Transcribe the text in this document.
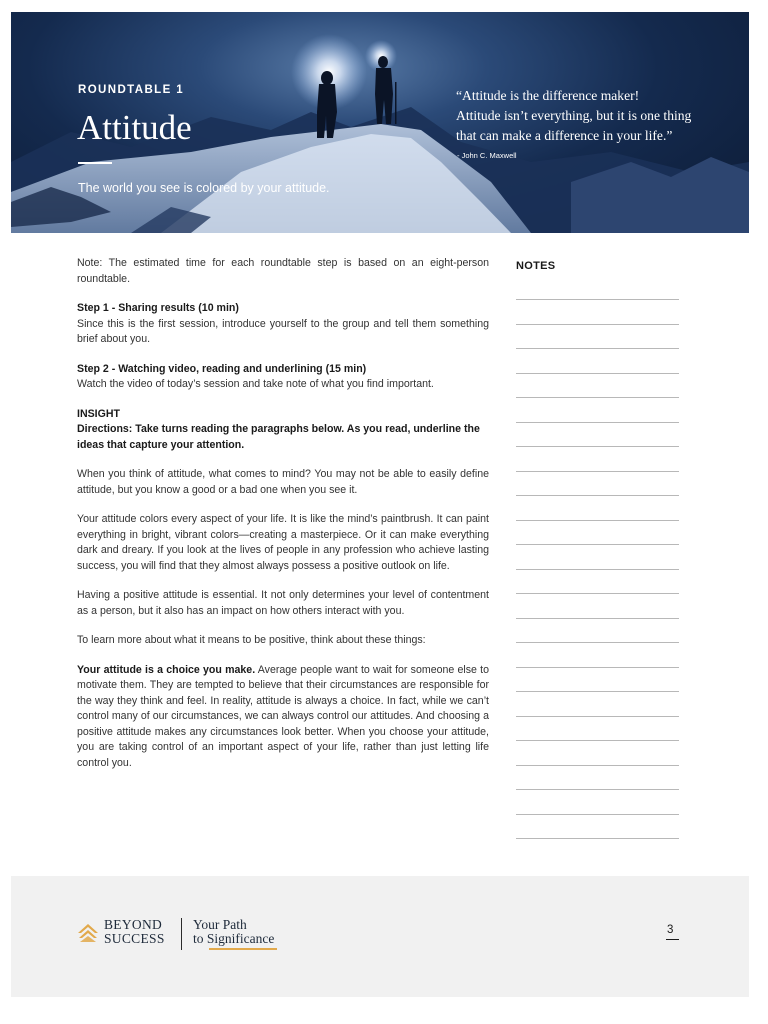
ROUNDTABLE 1
Attitude
The world you see is colored by your attitude.
“Attitude is the difference maker!
Attitude isn’t everything, but it is one thing
that can make a difference in your life.”
- John C. Maxwell

Note: The estimated time for each roundtable step is based on an eight-person roundtable.

Step 1 - Sharing results (10 min)
Since this is the first session, introduce yourself to the group and tell them something brief about you.

Step 2 - Watching video, reading and underlining (15 min)
Watch the video of today’s session and take note of what you find important.

INSIGHT
Directions: Take turns reading the paragraphs below. As you read, underline the ideas that capture your attention.

When you think of attitude, what comes to mind? You may not be able to easily define attitude, but you know a good or a bad one when you see it.

Your attitude colors every aspect of your life. It is like the mind’s paintbrush. It can paint everything in bright, vibrant colors—creating a masterpiece. Or it can make everything dark and dreary. If you look at the lives of people in any profession who achieve lasting success, you will find that they almost always possess a positive outlook on life.

Having a positive attitude is essential. It not only determines your level of contentment as a person, but it also has an impact on how others interact with you.

To learn more about what it means to be positive, think about these things:

Your attitude is a choice you make. Average people want to wait for someone else to motivate them. They are tempted to believe that their circumstances are responsible for the way they think and feel. In reality, attitude is always a choice. In fact, while we can’t control many of our circumstances, we can always control our attitudes. And choosing a positive attitude makes any circumstances look better. When you choose your attitude, you are taking control of an important aspect of your life, rather than just letting life control you.

NOTES
BEYOND
SUCCESS
Your Path
to Significance
3
